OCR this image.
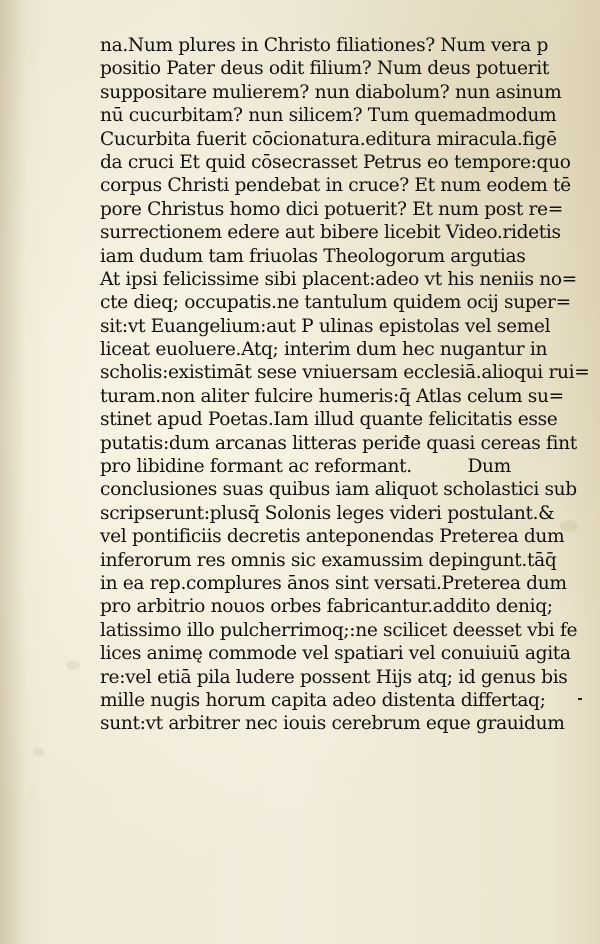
na.Num plures in Christo filiationes? Num vera p
positio Pater deus odit filium? Num deus potuerit
suppositare mulierem? nun diabolum? nun asinum
nū cucurbitam? nun silicem? Tum quemadmodum
Cucurbita fuerit cōcionatura.editura miracula.figē
da cruci Et quid cōsecrasset Petrus eo tempore:quo
corpus Christi pendebat in cruce? Et num eodem tē
pore Christus homo dici potuerit? Et num post re=
surrectionem edere aut bibere licebit Video.ridetis
iam dudum tam friuolas Theologorum argutias
At ipsi felicissime sibi placent:adeo vt his neniis no=
cte dieq; occupatis.ne tantulum quidem ocij super=
sit:vt Euangelium:aut P ulinas epistolas vel semel
liceat euoluere.Atq; interim dum hec nugantur in
scholis:existimāt sese vniuersam ecclesiā.alioqui rui=
turam.non aliter fulcire humeris:q̄ Atlas celum su=
stinet apud Poetas.Iam illud quante felicitatis esse
putatis:dum arcanas litteras periđe quasi cereas fint
pro libidine formant ac reformant.          Dum
conclusiones suas quibus iam aliquot scholastici sub
scripserunt:plusq̄ Solonis leges videri postulant.&
vel pontificiis decretis anteponendas Preterea dum
inferorum res omnis sic examussim depingunt.tāq̄
in ea rep.complures ānos sint versati.Preterea dum
pro arbitrio nouos orbes fabricantur.addito deniq;
latissimo illo pulcherrimoq;:ne scilicet deesset vbi fe
lices animę commode vel spatiari vel conuiuiū agita
re:vel etiā pila ludere possent Hijs atq; id genus bis
mille nugis horum capita adeo distenta differtaq;
sunt:vt arbitrer nec iouis cerebrum eque grauidum
